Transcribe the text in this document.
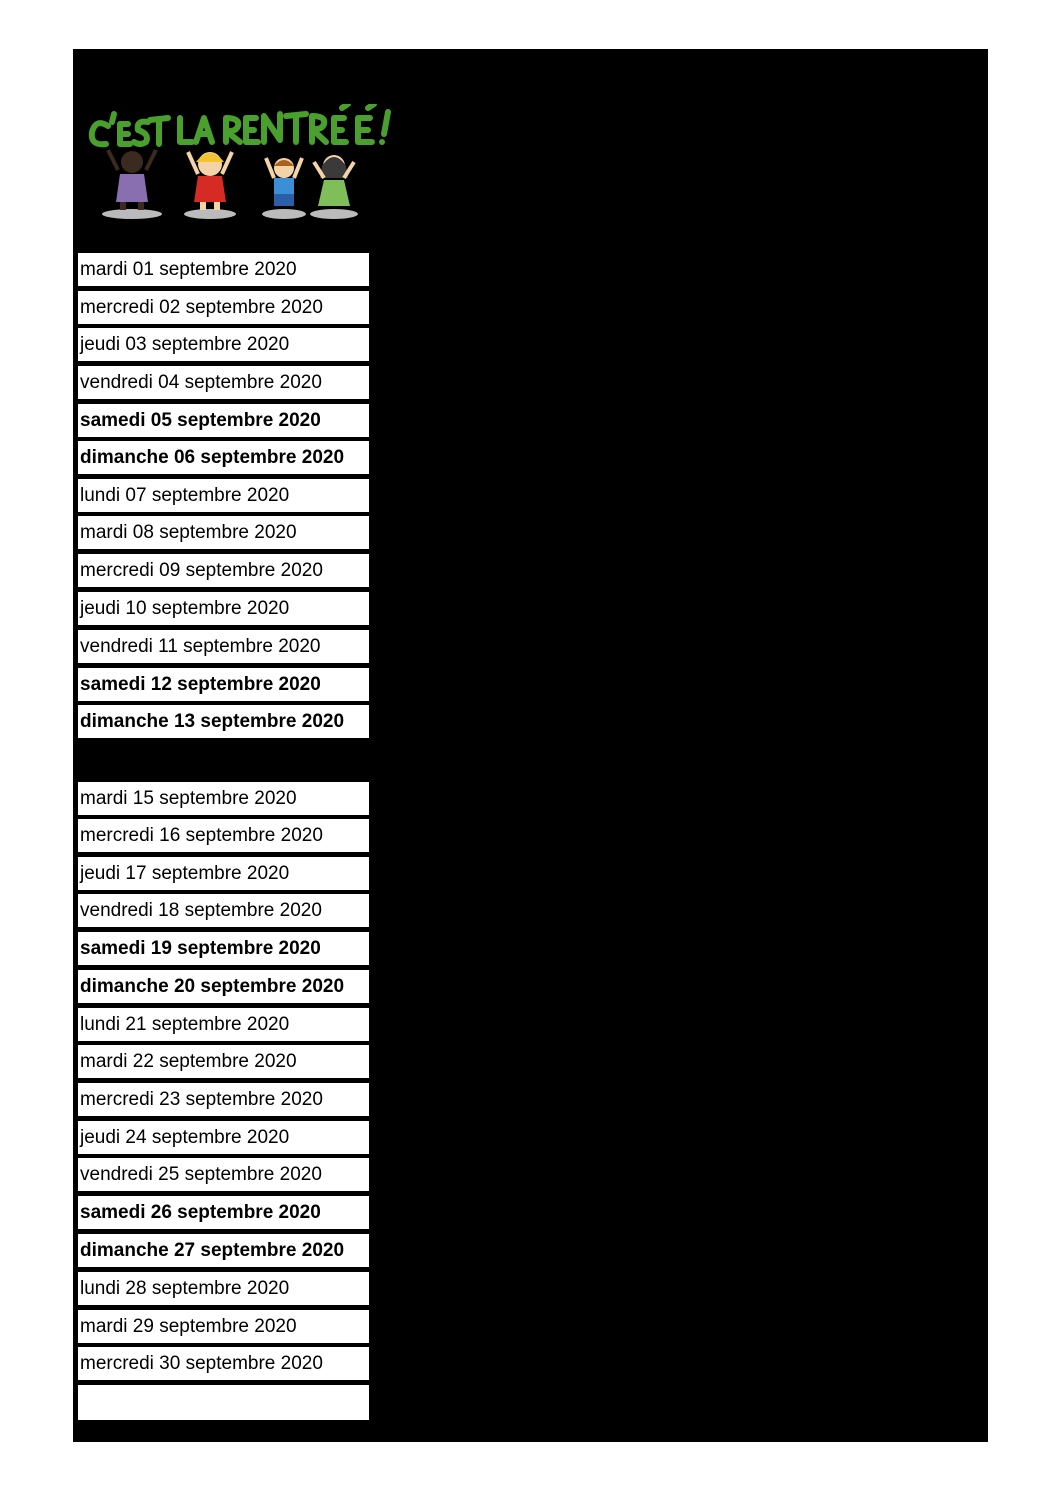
mardi 01 septembre 2020
mercredi 02 septembre 2020
jeudi 03 septembre 2020
vendredi 04 septembre 2020
samedi 05 septembre 2020
dimanche 06 septembre 2020
lundi 07 septembre 2020
mardi 08 septembre 2020
mercredi 09 septembre 2020
jeudi 10 septembre 2020
vendredi 11 septembre 2020
samedi 12 septembre 2020
dimanche 13 septembre 2020
mardi 15 septembre 2020
mercredi 16 septembre 2020
jeudi 17 septembre 2020
vendredi 18 septembre 2020
samedi 19 septembre 2020
dimanche 20 septembre 2020
lundi 21 septembre 2020
mardi 22 septembre 2020
mercredi 23 septembre 2020
jeudi 24 septembre 2020
vendredi 25 septembre 2020
samedi 26 septembre 2020
dimanche 27 septembre 2020
lundi 28 septembre 2020
mardi 29 septembre 2020
mercredi 30 septembre 2020
